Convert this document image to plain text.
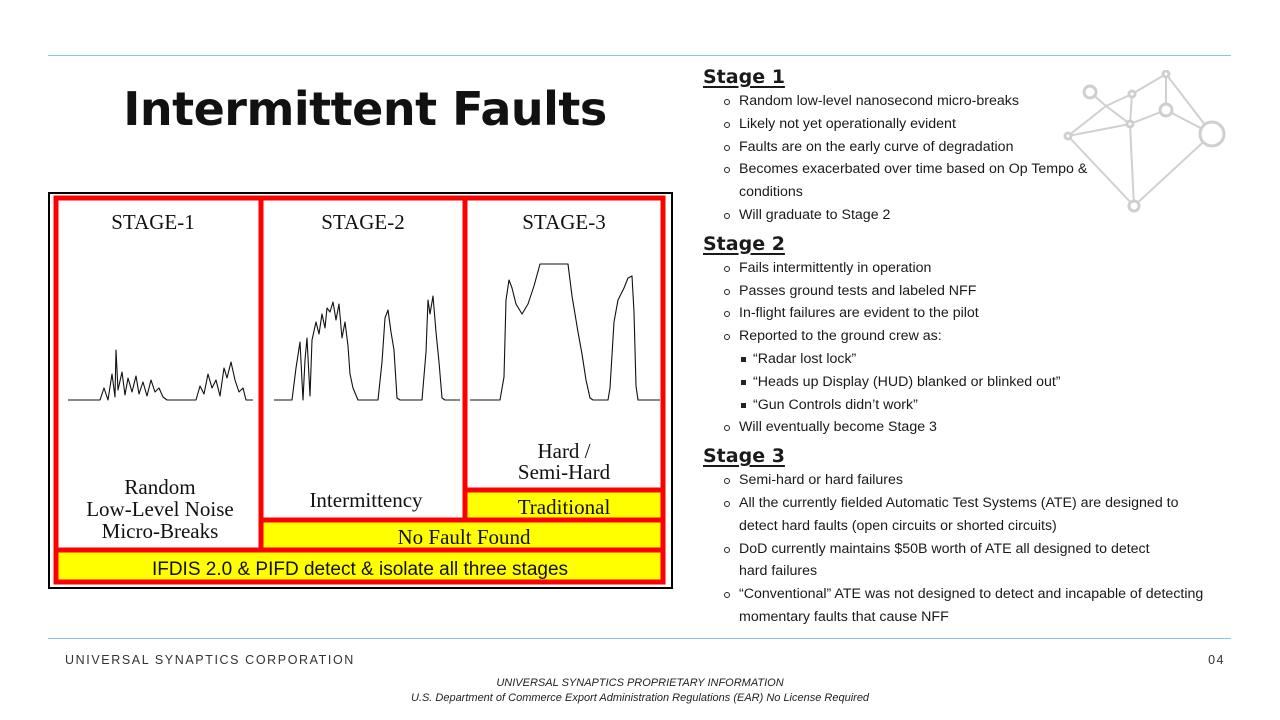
Intermittent Faults
STAGE-1	STAGE-2	STAGE-3
Random
Low-Level Noise
Micro-Breaks
Intermittency
Hard /
Semi-Hard
Traditional
No Fault Found
IFDIS 2.0 & PIFD detect & isolate all three stages
Stage 1
Random low-level nanosecond micro-breaks
Likely not yet operationally evident
Faults are on the early curve of degradation
Becomes exacerbated over time based on Op Tempo & conditions
Will graduate to Stage 2
Stage 2
Fails intermittently in operation
Passes ground tests and labeled NFF
In-flight failures are evident to the pilot
Reported to the ground crew as:
“Radar lost lock”
“Heads up Display (HUD) blanked or blinked out”
“Gun Controls didn’t work”
Will eventually become Stage 3
Stage 3
Semi-hard or hard failures
All the currently fielded Automatic Test Systems (ATE) are designed to detect hard faults (open circuits or shorted circuits)
DoD currently maintains $50B worth of ATE all designed to detect hard failures
“Conventional” ATE was not designed to detect and incapable of detecting momentary faults that cause NFF
UNIVERSAL SYNAPTICS CORPORATION	04
UNIVERSAL SYNAPTICS PROPRIETARY INFORMATION
U.S. Department of Commerce Export Administration Regulations (EAR) No License Required
